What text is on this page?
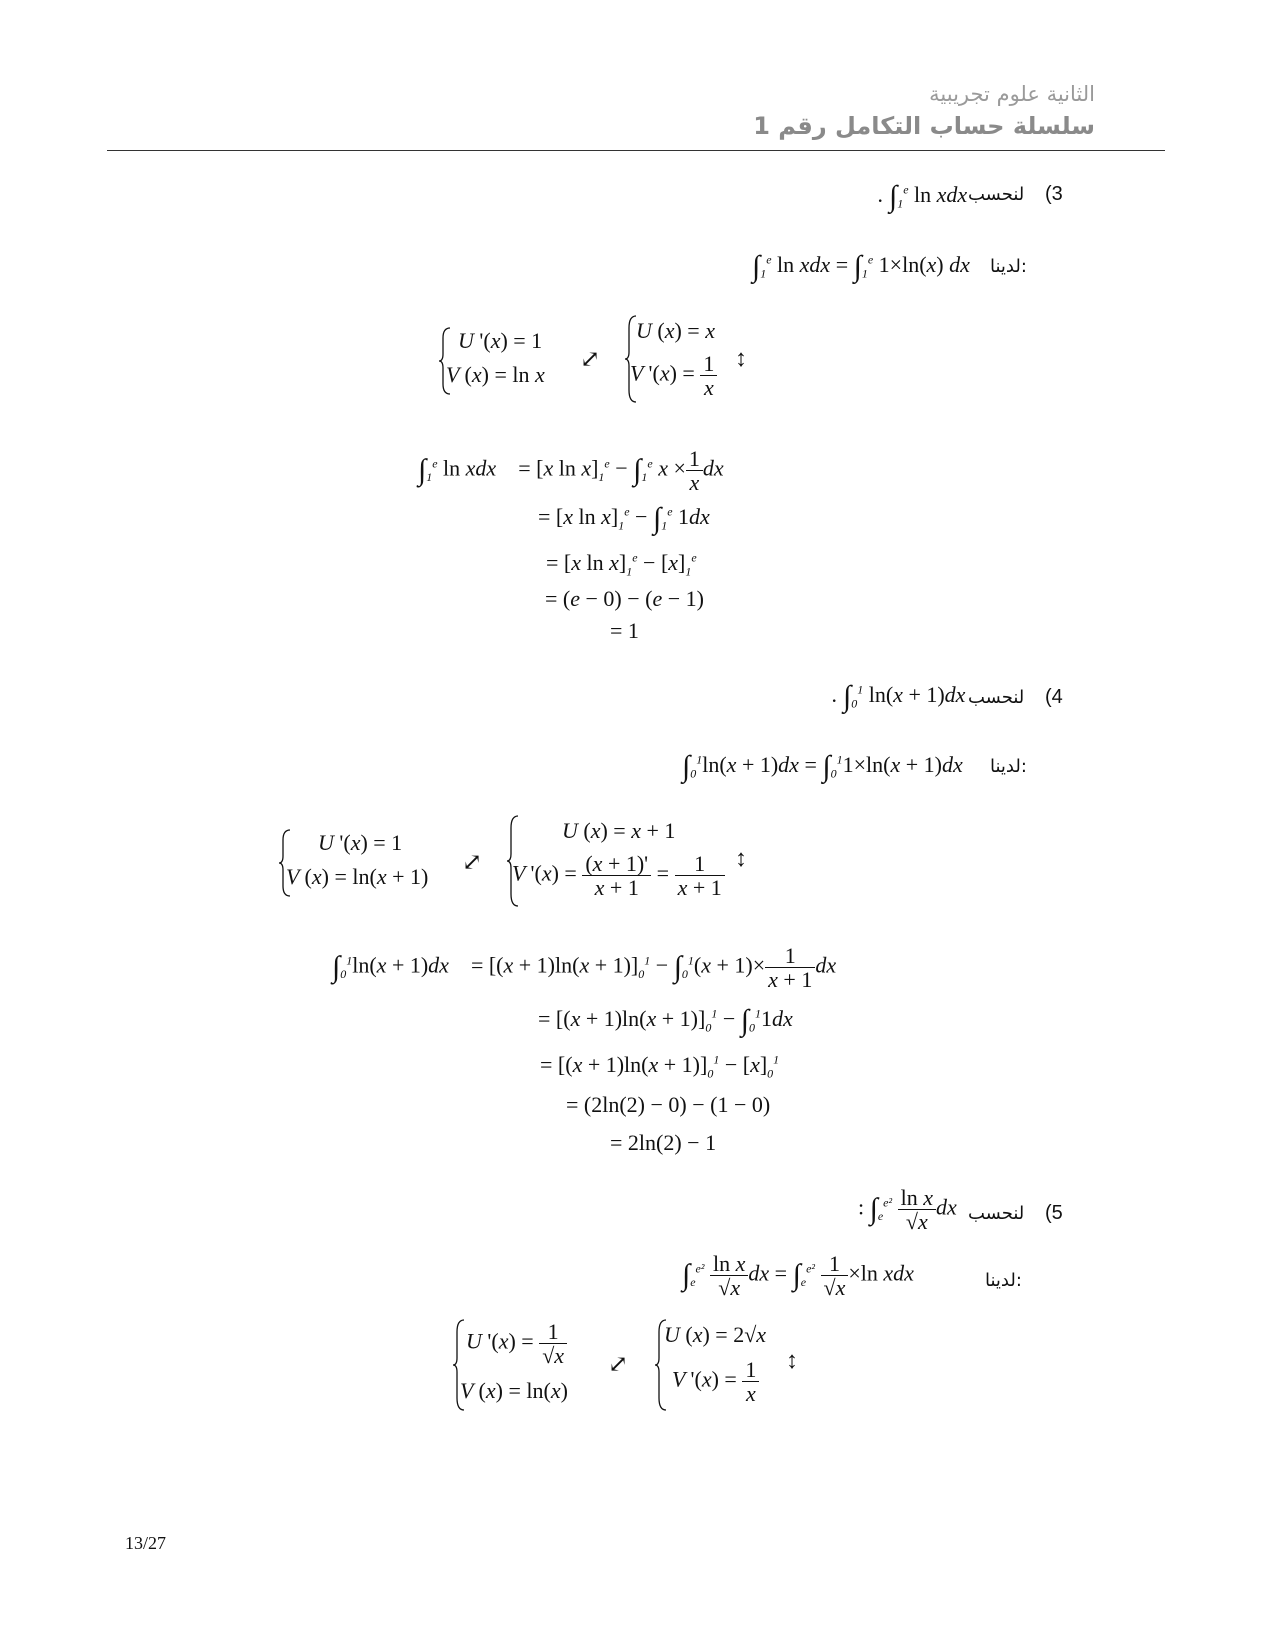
الثانية علوم تجريبية
سلسلة حساب التكامل رقم 1
(3
لنحسب
. $\int_1^e$ ln xdx
:لدينا
$\int_1^e$ ln xdx = $\int_1^e$ 1×ln(x) dx
U '(x) = 1
V (x) = ln x
⤢
U (x) = x
V '$(x) = \frac{1}{x}$ ↕
$\int_1^e$ ln xdx    = [x $\ln x]_1^e - \int_1^e$ $x \times \frac{1}{x}$ dx
= [x $\ln x]_1^e - \int_1^e$ 1dx
= [x $\ln x]_1^e - [x]_1^e$
= (e − 0) − (e − 1)
= 1
(4
لنحسب
. $\int_0^1$ ln(x + 1)dx
:لدينا
$\int_0^1\ln(x + 1)dx = \int_0^11\times\ln(x + 1)dx$
U '(x) = 1
V (x) = ln(x + 1)
⤢
U (x) = x + 1
V '$(x) = \frac{(x + 1)'}{x + 1} = \frac{1}{x + 1}$ ↕
$\int_0^1\ln(x + 1)dx$    = $[(x + 1)\ln(x + 1)]_0^1 - \int_0^1(x + 1)\times \frac{1}{x + 1}$ dx
= $[(x + 1)\ln(x + 1)]_0^1 - \int_0^11dx$
= $[(x + 1)\ln(x + 1)]_0^1 - [x]_0^1$
= (2ln(2) − 0) − (1 − 0)
= 2ln(2) − 1
(5
لنحسب
: $\int_e^{e^2} \frac{\text{ln x}}{√x}$ dx
:لدينا
$\int_e^{e^2} \frac{\text{ln x}}{√x}$ dx = $\int_e^{e^2} \frac{1}{√x} \times\ln$ xdx
U '$(x) = \frac{1}{√x}$
V (x) = ln(x)
⤢
U (x) = 2√x
V '$(x) = \frac{1}{x}$ ↕
13/27
